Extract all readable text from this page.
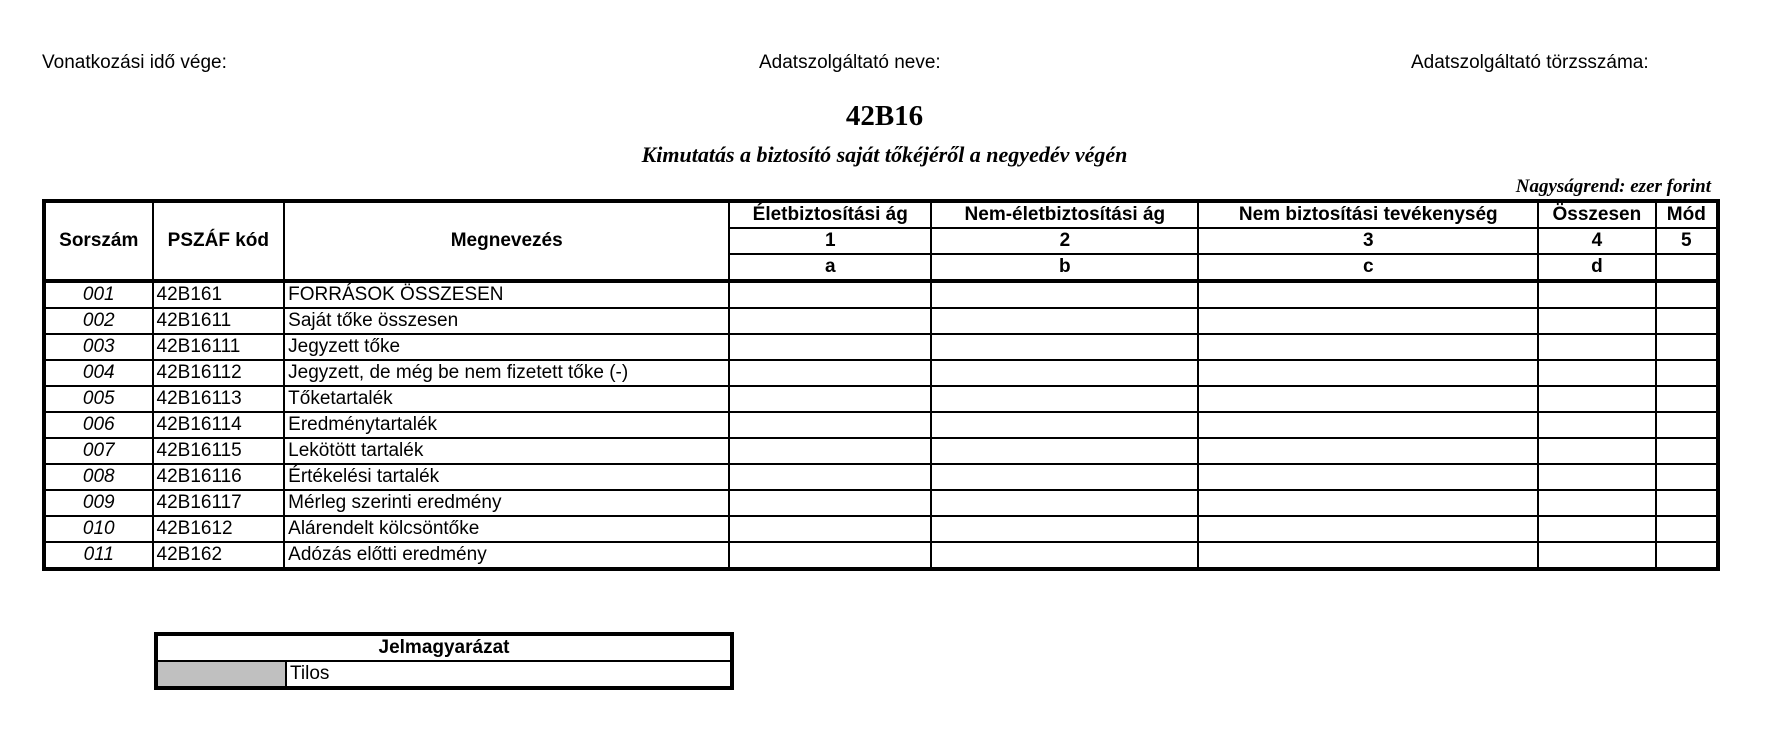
Vonatkozási idő vége:	Adatszolgáltató neve:	Adatszolgáltató törzsszáma:
42B16
Kimutatás a biztosító saját tőkéjéről a negyedév végén
Nagyságrend: ezer forint
Sorszám	PSZÁF kód	Megnevezés	Életbiztosítási ág	Nem-életbiztosítási ág	Nem biztosítási tevékenység	Összesen	Mód
			1	2	3	4	5
			a	b	c	d	
001	42B161	FORRÁSOK ÖSSZESEN					
002	42B1611	Saját tőke összesen					
003	42B16111	Jegyzett tőke					
004	42B16112	Jegyzett, de még be nem fizetett tőke (-)					
005	42B16113	Tőketartalék					
006	42B16114	Eredménytartalék					
007	42B16115	Lekötött tartalék					
008	42B16116	Értékelési tartalék					
009	42B16117	Mérleg szerinti eredmény					
010	42B1612	Alárendelt kölcsöntőke					
011	42B162	Adózás előtti eredmény					
Jelmagyarázat
	Tilos
